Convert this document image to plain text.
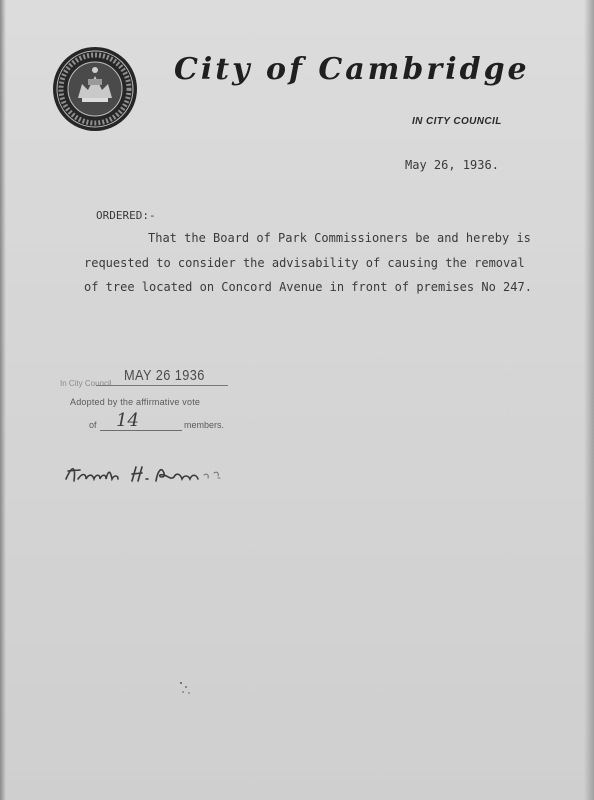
City of Cambridge
IN CITY COUNCIL
May 26, 1936.
ORDERED:-
That the Board of Park Commissioners be and hereby is
requested to consider the advisability of causing the removal
of tree located on Concord Avenue in front of premises No 247.
In City Council MAY 26 1936
Adopted by the affirmative vote
of 14	members.
